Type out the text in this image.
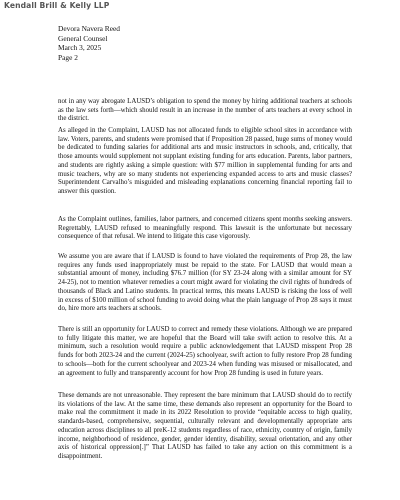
Kendall Brill & Kelly LLP
Devora Navera Reed
General Counsel
March 3, 2025
Page 2

not in any way abrogate LAUSD’s obligation to spend the money by hiring additional teachers at schools as the law sets forth—which should result in an increase in the number of arts teachers at every school in the district.

As alleged in the Complaint, LAUSD has not allocated funds to eligible school sites in accordance with law. Voters, parents, and students were promised that if Proposition 28 passed, huge sums of money would be dedicated to funding salaries for additional arts and music instructors in schools, and, critically, that those amounts would supplement not supplant existing funding for arts education. Parents, labor partners, and students are rightly asking a simple question: with $77 million in supplemental funding for arts and music teachers, why are so many students not experiencing expanded access to arts and music classes? Superintendent Carvalho’s misguided and misleading explanations concerning financial reporting fail to answer this question.

As the Complaint outlines, families, labor partners, and concerned citizens spent months seeking answers. Regrettably, LAUSD refused to meaningfully respond. This lawsuit is the unfortunate but necessary consequence of that refusal. We intend to litigate this case vigorously.

We assume you are aware that if LAUSD is found to have violated the requirements of Prop 28, the law requires any funds used inappropriately must be repaid to the state. For LAUSD that would mean a substantial amount of money, including $76.7 million (for SY 23-24 along with a similar amount for SY 24-25), not to mention whatever remedies a court might award for violating the civil rights of hundreds of thousands of Black and Latino students. In practical terms, this means LAUSD is risking the loss of well in excess of $100 million of school funding to avoid doing what the plain language of Prop 28 says it must do, hire more arts teachers at schools.

There is still an opportunity for LAUSD to correct and remedy these violations. Although we are prepared to fully litigate this matter, we are hopeful that the Board will take swift action to resolve this. At a minimum, such a resolution would require a public acknowledgement that LAUSD misspent Prop 28 funds for both 2023-24 and the current (2024-25) schoolyear, swift action to fully restore Prop 28 funding to schools—both for the current schoolyear and 2023-24 when funding was misused or misallocated, and an agreement to fully and transparently account for how Prop 28 funding is used in future years.

These demands are not unreasonable. They represent the bare minimum that LAUSD should do to rectify its violations of the law. At the same time, these demands also represent an opportunity for the Board to make real the commitment it made in its 2022 Resolution to provide “equitable access to high quality, standards-based, comprehensive, sequential, culturally relevant and developmentally appropriate arts education across disciplines to all preK-12 students regardless of race, ethnicity, country of origin, family income, neighborhood of residence, gender, gender identity, disability, sexual orientation, and any other axis of historical oppression[.]” That LAUSD has failed to take any action on this commitment is a disappointment.
